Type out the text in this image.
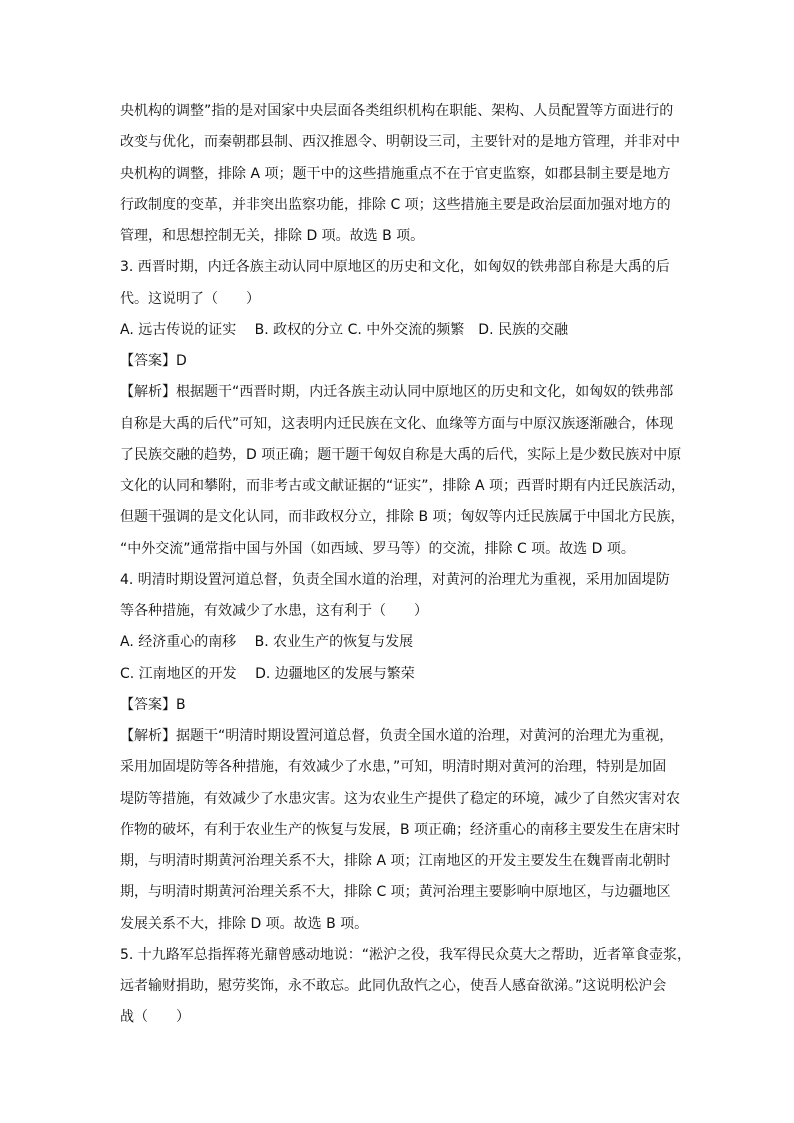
央机构的调整”指的是对国家中央层面各类组织机构在职能、架构、人员配置等方面进行的
改变与优化，而秦朝郡县制、西汉推恩令、明朝设三司，主要针对的是地方管理，并非对中
央机构的调整，排除 A 项；题干中的这些措施重点不在于官吏监察，如郡县制主要是地方
行政制度的变革，并非突出监察功能，排除 C 项；这些措施主要是政治层面加强对地方的
管理，和思想控制无关，排除 D 项。故选 B 项。
3. 西晋时期，内迁各族主动认同中原地区的历史和文化，如匈奴的铁弗部自称是大禹的后
代。这说明了（　　）
A. 远古传说的证实　 B. 政权的分立 C. 中外交流的频繁　D. 民族的交融
【答案】D
【解析】根据题干“西晋时期，内迁各族主动认同中原地区的历史和文化，如匈奴的铁弗部
自称是大禹的后代”可知，这表明内迁民族在文化、血缘等方面与中原汉族逐渐融合，体现
了民族交融的趋势，D 项正确；题干题干匈奴自称是大禹的后代，实际上是少数民族对中原
文化的认同和攀附，而非考古或文献证据的“证实”，排除 A 项；西晋时期有内迁民族活动，
但题干强调的是文化认同，而非政权分立，排除 B 项；匈奴等内迁民族属于中国北方民族，
“中外交流”通常指中国与外国（如西域、罗马等）的交流，排除 C 项。故选 D 项。
4. 明清时期设置河道总督，负责全国水道的治理，对黄河的治理尤为重视，采用加固堤防
等各种措施，有效减少了水患，这有利于（　　）
A. 经济重心的南移　 B. 农业生产的恢复与发展
C. 江南地区的开发　 D. 边疆地区的发展与繁荣
【答案】B
【解析】据题干“明清时期设置河道总督，负责全国水道的治理，对黄河的治理尤为重视，
采用加固堤防等各种措施，有效减少了水患，”可知，明清时期对黄河的治理，特别是加固
堤防等措施，有效减少了水患灾害。这为农业生产提供了稳定的环境，减少了自然灾害对农
作物的破坏，有利于农业生产的恢复与发展，B 项正确；经济重心的南移主要发生在唐宋时
期，与明清时期黄河治理关系不大，排除 A 项；江南地区的开发主要发生在魏晋南北朝时
期，与明清时期黄河治理关系不大，排除 C 项；黄河治理主要影响中原地区，与边疆地区
发展关系不大，排除 D 项。故选 B 项。
5. 十九路军总指挥蒋光鼐曾感动地说：“淞沪之役，我军得民众莫大之帮助，近者箪食壶浆，
远者输财捐助，慰劳奖饰，永不敢忘。此同仇敌忾之心，使吾人感奋欲涕。”这说明松沪会
战（　　）
